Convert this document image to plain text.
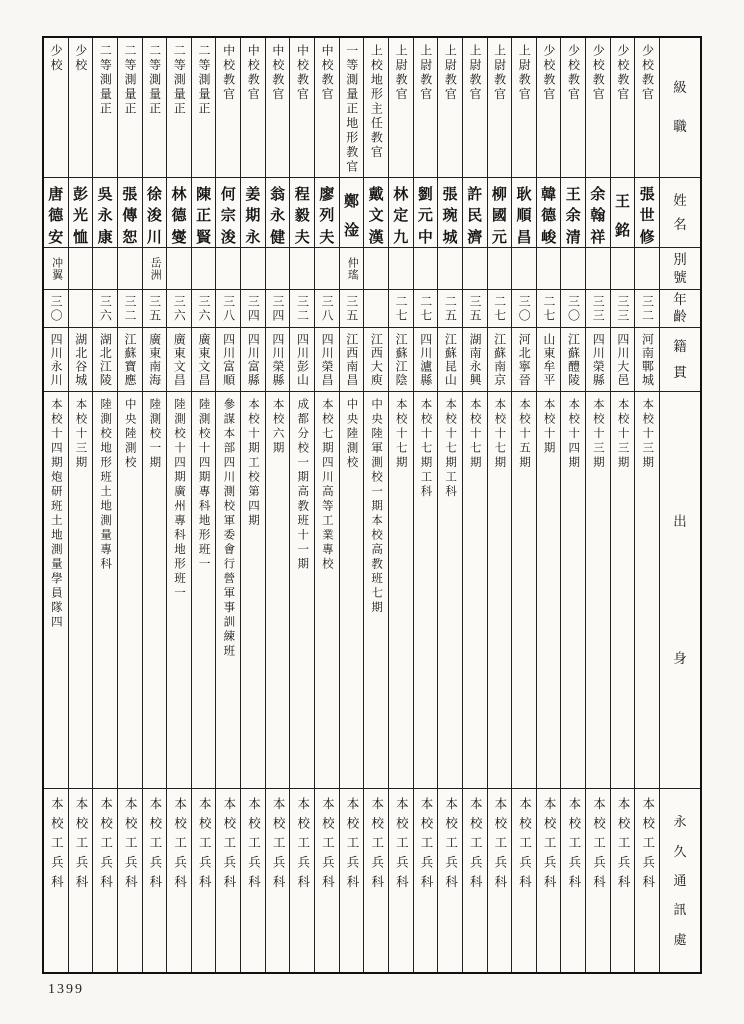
級
職
姓
名
別
號
年
齡
籍
貫
出
身
永
久
通
訊
處
少校教官
張
世
修
三二
河南鄲城
本校十三期
本校工兵科
少校教官
王
銘
三三
四川大邑
本校十三期
本校工兵科
少校教官
余
翰
祥
三三
四川榮縣
本校十三期
本校工兵科
少校教官
王
余
清
三〇
江蘇醴陵
本校十四期
本校工兵科
少校教官
韓
德
峻
二七
山東牟平
本校十期
本校工兵科
上尉教官
耿
順
昌
三〇
河北寧晉
本校十五期
本校工兵科
上尉教官
柳
國
元
二七
江蘇南京
本校十七期
本校工兵科
上尉教官
許
民
濟
三五
湖南永興
本校十七期
本校工兵科
上尉教官
張
琬
城
二五
江蘇昆山
本校十七期工科
本校工兵科
上尉教官
劉
元
中
二七
四川瀘縣
本校十七期工科
本校工兵科
上尉教官
林
定
九
二七
江蘇江陰
本校十七期
本校工兵科
上校地形主任教官
戴
文
漢
江西大庾
中央陸軍測校一期本校高教班七期
本校工兵科
一等測量正地形教官
鄭
淦
仲瑤
三五
江西南昌
中央陸測校
本校工兵科
中校教官
廖
列
夫
三八
四川榮昌
本校七期四川高等工業專校
本校工兵科
中校教官
程
毅
夫
三二
四川彭山
成都分校一期高教班十一期
本校工兵科
中校教官
翁
永
健
三四
四川榮縣
本校六期
本校工兵科
中校教官
姜
期
永
三四
四川富縣
本校十期工校第四期
本校工兵科
中校教官
何
宗
浚
三八
四川富順
參謀本部四川測校軍委會行營軍事訓練班
本校工兵科
二等測量正
陳
正
賢
三六
廣東文昌
陸測校十四期專科地形班一
本校工兵科
二等測量正
林
德
燮
三六
廣東文昌
陸測校十四期廣州專科地形班一
本校工兵科
二等測量正
徐
浚
川
岳洲
三五
廣東南海
陸測校一期
本校工兵科
二等測量正
張
傳
恕
三二
江蘇寶應
中央陸測校
本校工兵科
二等測量正
吳
永
康
三六
湖北江陵
陸測校地形班土地測量專科
本校工兵科
少校
彭
光
恤
湖北谷城
本校十三期
本校工兵科
少校
唐
德
安
冲翼
三〇
四川永川
本校十四期炮研班土地測量學員隊四
本校工兵科
1399
